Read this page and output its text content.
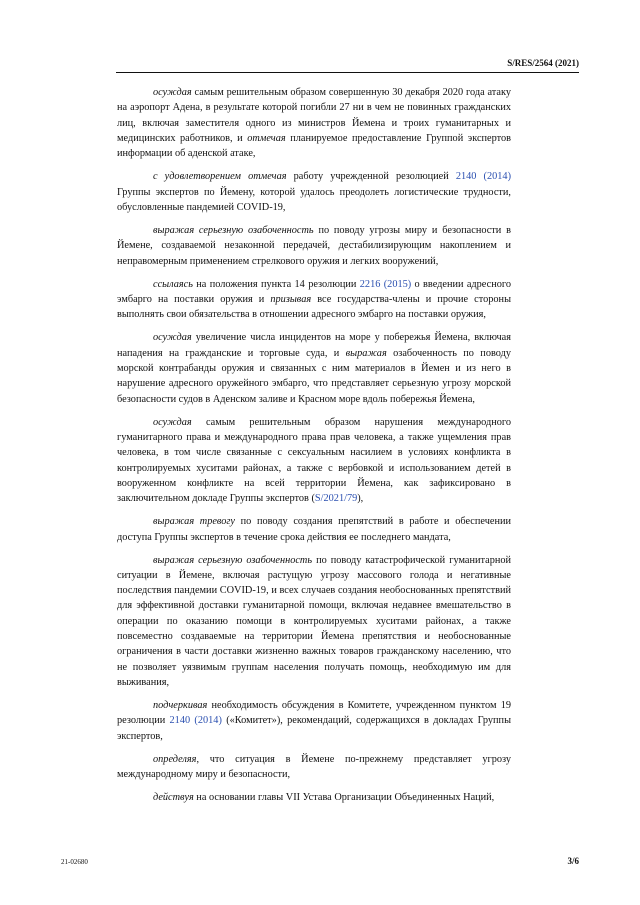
S/RES/2564 (2021)

осуждая самым решительным образом совершенную 30 декабря 2020 года атаку на аэропорт Адена, в результате которой погибли 27 ни в чем не повинных гражданских лиц, включая заместителя одного из министров Йемена и троих гуманитарных и медицинских работников, и отмечая планируемое предоставление Группой экспертов информации об аденской атаке,

с удовлетворением отмечая работу учрежденной резолюцией 2140 (2014) Группы экспертов по Йемену, которой удалось преодолеть логистические трудности, обусловленные пандемией COVID-19,

выражая серьезную озабоченность по поводу угрозы миру и безопасности в Йемене, создаваемой незаконной передачей, дестабилизирующим накоплением и неправомерным применением стрелкового оружия и легких вооружений,

ссылаясь на положения пункта 14 резолюции 2216 (2015) о введении адресного эмбарго на поставки оружия и призывая все государства-члены и прочие стороны выполнять свои обязательства в отношении адресного эмбарго на поставки оружия,

осуждая увеличение числа инцидентов на море у побережья Йемена, включая нападения на гражданские и торговые суда, и выражая озабоченность по поводу морской контрабанды оружия и связанных с ним материалов в Йемен и из него в нарушение адресного оружейного эмбарго, что представляет серьезную угрозу морской безопасности судов в Аденском заливе и Красном море вдоль побережья Йемена,

осуждая самым решительным образом нарушения международного гуманитарного права и международного права прав человека, а также ущемления прав человека, в том числе связанные с сексуальным насилием в условиях конфликта в контролируемых хуситами районах, а также с вербовкой и использованием детей в вооруженном конфликте на всей территории Йемена, как зафиксировано в заключительном докладе Группы экспертов (S/2021/79),

выражая тревогу по поводу создания препятствий в работе и обеспечении доступа Группы экспертов в течение срока действия ее последнего мандата,

выражая серьезную озабоченность по поводу катастрофической гуманитарной ситуации в Йемене, включая растущую угрозу массового голода и негативные последствия пандемии COVID-19, и всех случаев создания необоснованных препятствий для эффективной доставки гуманитарной помощи, включая недавнее вмешательство в операции по оказанию помощи в контролируемых хуситами районах, а также повсеместно создаваемые на территории Йемена препятствия и необоснованные ограничения в части доставки жизненно важных товаров гражданскому населению, что не позволяет уязвимым группам населения получать помощь, необходимую им для выживания,

подчеркивая необходимость обсуждения в Комитете, учрежденном пунктом 19 резолюции 2140 (2014) («Комитет»), рекомендаций, содержащихся в докладах Группы экспертов,

определяя, что ситуация в Йемене по-прежнему представляет угрозу международному миру и безопасности,

действуя на основании главы VII Устава Организации Объединенных Наций,

21-02680	3/6
